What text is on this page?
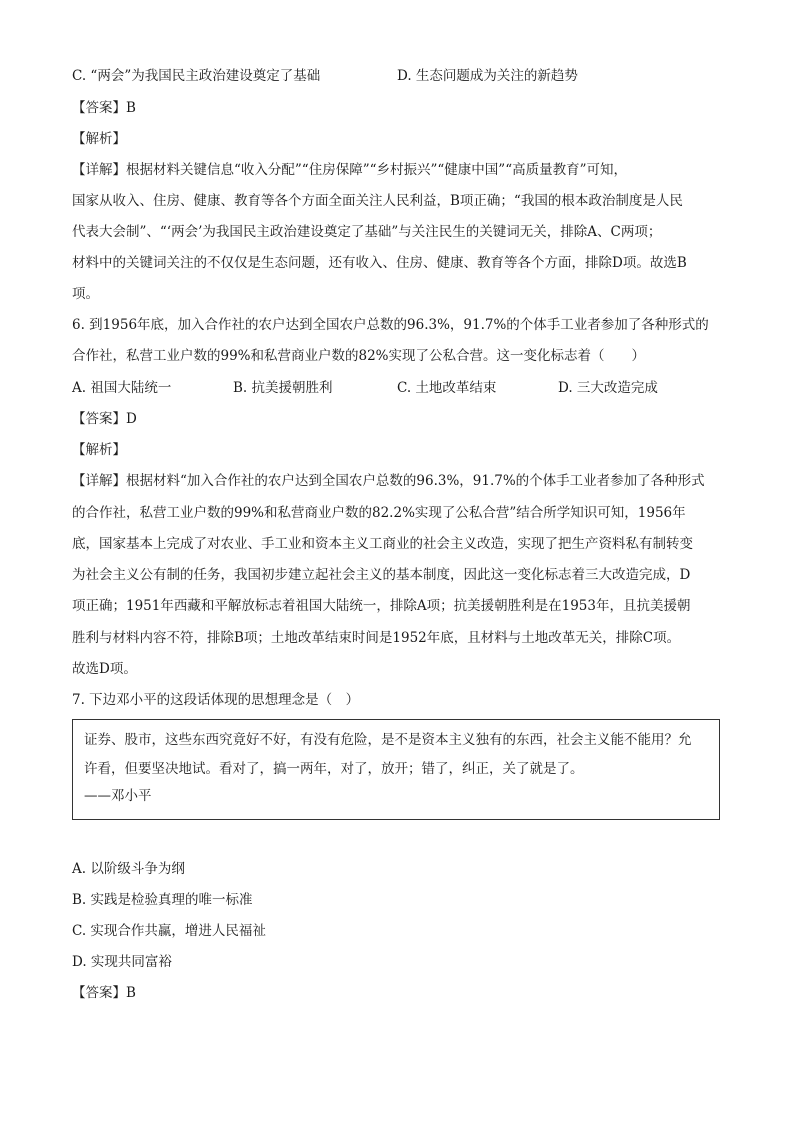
C. “两会”为我国民主政治建设奠定了基础	D. 生态问题成为关注的新趋势
【答案】B
【解析】
【详解】根据材料关键信息“收入分配”“住房保障”“乡村振兴”“健康中国”“高质量教育”可知，
国家从收入、住房、健康、教育等各个方面全面关注人民利益，B项正确；“我国的根本政治制度是人民
代表大会制”、“‘两会’为我国民主政治建设奠定了基础”与关注民生的关键词无关，排除A、C两项；
材料中的关键词关注的不仅仅是生态问题，还有收入、住房、健康、教育等各个方面，排除D项。故选B
项。
6. 到1956年底，加入合作社的农户达到全国农户总数的96.3%，91.7%的个体手工业者参加了各种形式的
合作社，私营工业户数的99%和私营商业户数的82%实现了公私合营。这一变化标志着（　　）
A. 祖国大陆统一	B. 抗美援朝胜利	C. 土地改革结束	D. 三大改造完成
【答案】D
【解析】
【详解】根据材料“加入合作社的农户达到全国农户总数的96.3%，91.7%的个体手工业者参加了各种形式
的合作社，私营工业户数的99%和私营商业户数的82.2%实现了公私合营”结合所学知识可知，1956年
底，国家基本上完成了对农业、手工业和资本主义工商业的社会主义改造，实现了把生产资料私有制转变
为社会主义公有制的任务，我国初步建立起社会主义的基本制度，因此这一变化标志着三大改造完成，D
项正确；1951年西藏和平解放标志着祖国大陆统一，排除A项；抗美援朝胜利是在1953年，且抗美援朝
胜利与材料内容不符，排除B项；土地改革结束时间是1952年底，且材料与土地改革无关，排除C项。
故选D项。
7. 下边邓小平的这段话体现的思想理念是（　）
证券、股市，这些东西究竟好不好，有没有危险，是不是资本主义独有的东西，社会主义能不能用？允
许看，但要坚决地试。看对了，搞一两年，对了，放开；错了，纠正，关了就是了。
——邓小平
A. 以阶级斗争为纲
B. 实践是检验真理的唯一标准
C. 实现合作共赢，增进人民福祉
D. 实现共同富裕
【答案】B
